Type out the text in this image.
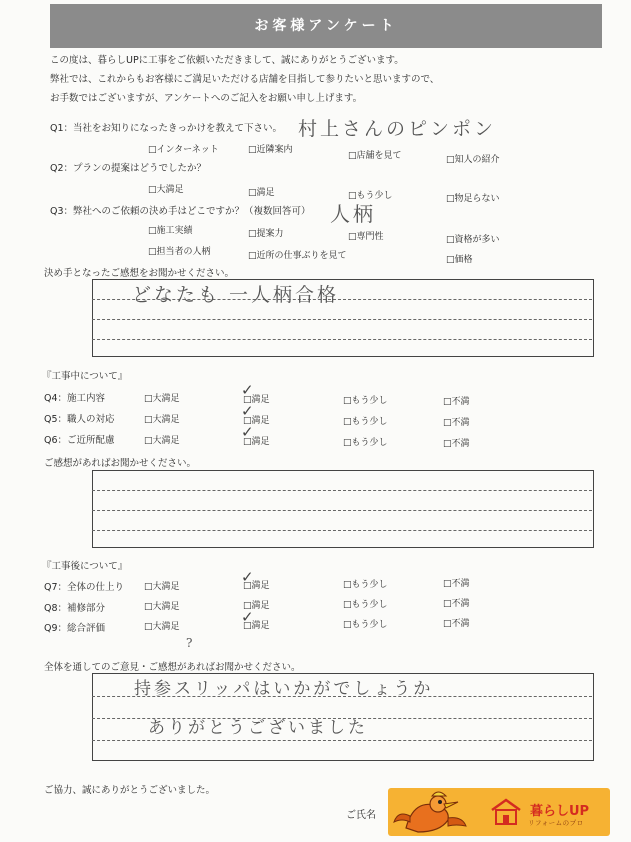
お客様アンケート
この度は、暮らしUPに工事をご依頼いただきまして、誠にありがとうございます。
弊社では、これからもお客様にご満足いただける店舗を目指して参りたいと思いますので、
お手数ではございますが、アンケートへのご記入をお願い申し上げます。
Q1：当社をお知りになったきっかけを教えて下さい。 村上さんのピンポン
□インターネット	□近隣案内
□店舗を見て	□知人の紹介
Q2：プランの提案はどうでしたか？
□大満足	□満足	□もう少し	□物足らない
Q3：弊社へのご依頼の決め手はどこですか？（複数回答可） 人柄
□施工実績	□提案力	□専門性	□資格が多い
□担当者の人柄	□近所の仕事ぶりを見て	□価格
決め手となったご感想をお聞かせください。
どなたも 一人柄合格
『工事中について』
Q4：施工内容	□大満足	□満足	□もう少し	□不満
✓
Q5：職人の対応	□大満足	□満足	□もう少し	□不満
✓
Q6：ご近所配慮	□大満足	□満足	□もう少し	□不満
✓
ご感想があればお聞かせください。
『工事後について』
Q7：全体の仕上り □大満足	□満足	□もう少し	□不満
✓
Q8：補修部分	□大満足	□満足	□もう少し	□不満
Q9：総合評価	□大満足	□満足	□もう少し	□不満
✓
?
全体を通してのご意見・ご感想があればお聞かせください。
持参スリッパはいかがでしょうか
ありがとうございました
ご協力、誠にありがとうございました。
ご氏名	暮らしUP
リフォームのプロ
